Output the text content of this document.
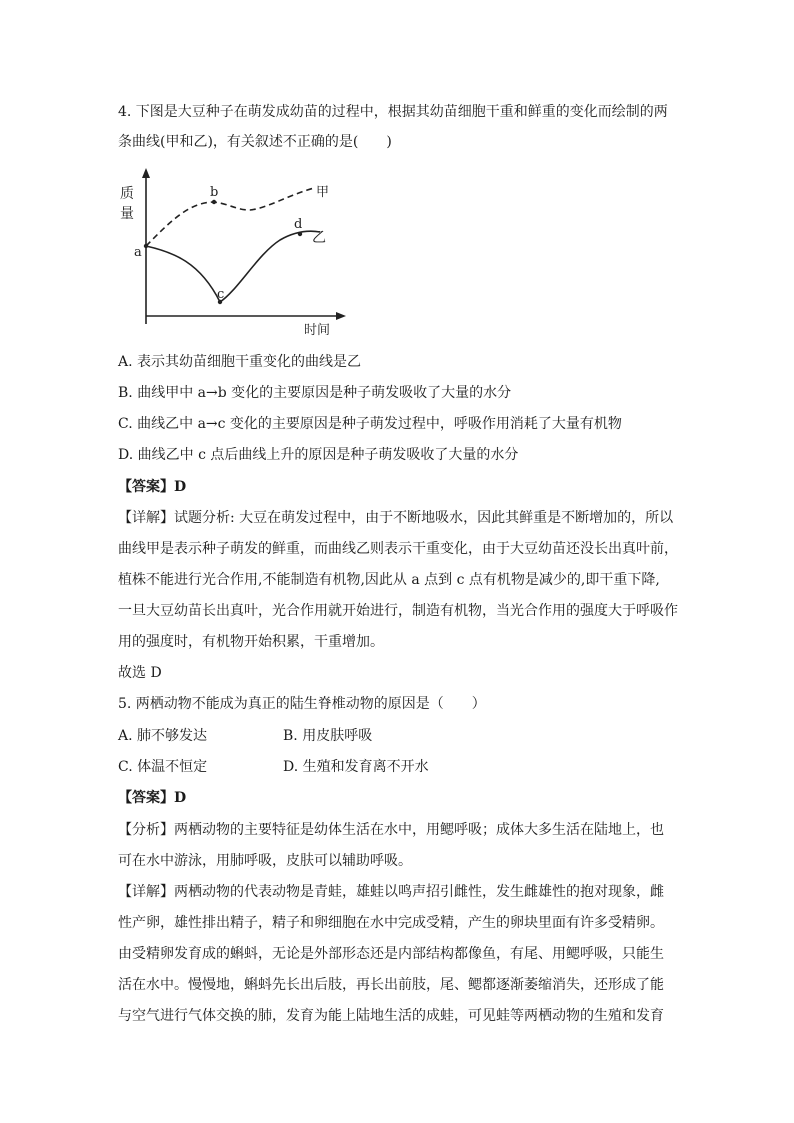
4. 下图是大豆种子在萌发成幼苗的过程中，根据其幼苗细胞干重和鲜重的变化而绘制的两
条曲线(甲和乙)，有关叙述不正确的是(　　)
质
量
时间
a
b
c
d
甲
乙
A. 表示其幼苗细胞干重变化的曲线是乙
B. 曲线甲中 a→b 变化的主要原因是种子萌发吸收了大量的水分
C. 曲线乙中 a→c 变化的主要原因是种子萌发过程中，呼吸作用消耗了大量有机物
D. 曲线乙中 c 点后曲线上升的原因是种子萌发吸收了大量的水分
【答案】D
【详解】试题分析: 大豆在萌发过程中，由于不断地吸水，因此其鲜重是不断增加的，所以
曲线甲是表示种子萌发的鲜重，而曲线乙则表示干重变化，由于大豆幼苗还没长出真叶前，
植株不能进行光合作用,不能制造有机物,因此从 a 点到 c 点有机物是减少的,即干重下降,
一旦大豆幼苗长出真叶，光合作用就开始进行，制造有机物，当光合作用的强度大于呼吸作
用的强度时，有机物开始积累，干重增加。
故选 D
5. 两栖动物不能成为真正的陆生脊椎动物的原因是（　　）
A. 肺不够发达	B. 用皮肤呼吸
C. 体温不恒定	D. 生殖和发育离不开水
【答案】D
【分析】两栖动物的主要特征是幼体生活在水中，用鳃呼吸；成体大多生活在陆地上，也
可在水中游泳，用肺呼吸，皮肤可以辅助呼吸。
【详解】两栖动物的代表动物是青蛙，雄蛙以鸣声招引雌性，发生雌雄性的抱对现象，雌
性产卵，雄性排出精子，精子和卵细胞在水中完成受精，产生的卵块里面有许多受精卵。
由受精卵发育成的蝌蚪，无论是外部形态还是内部结构都像鱼，有尾、用鳃呼吸，只能生
活在水中。慢慢地，蝌蚪先长出后肢，再长出前肢，尾、鳃都逐渐萎缩消失，还形成了能
与空气进行气体交换的肺，发育为能上陆地生活的成蛙，可见蛙等两栖动物的生殖和发育
